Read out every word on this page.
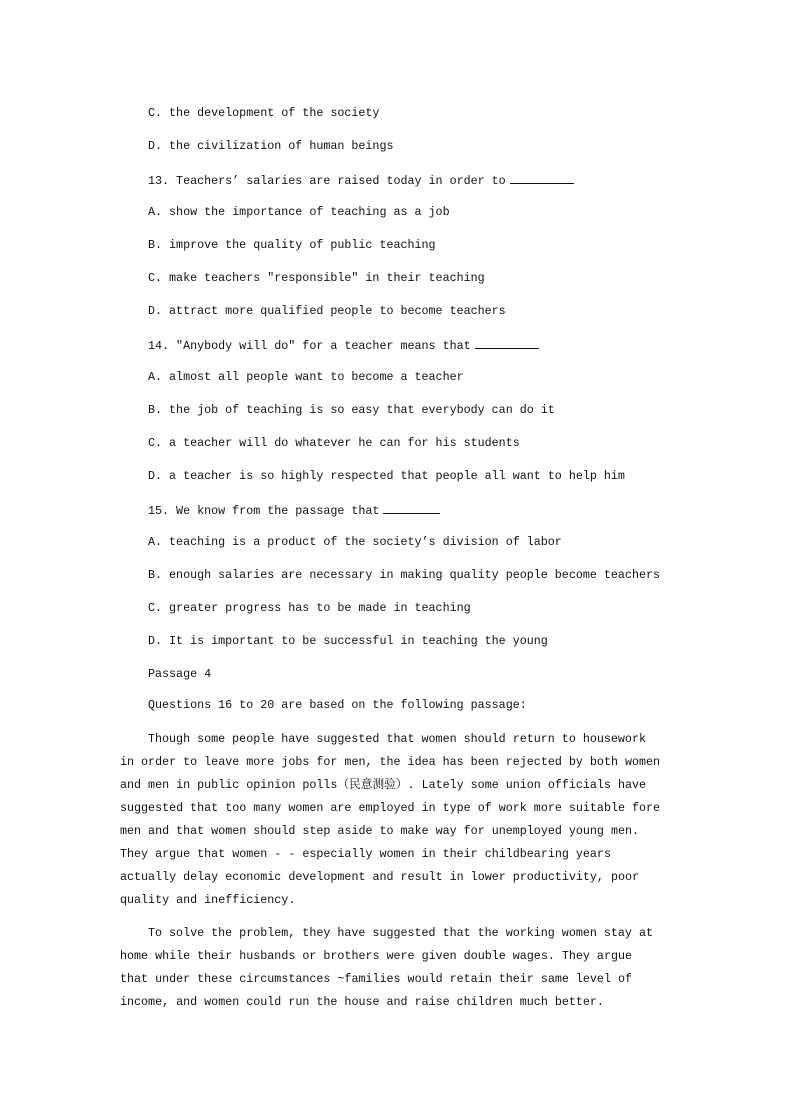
C. the development of the society
D. the civilization of human beings
13. Teachers’ salaries are raised today in order to
A. show the importance of teaching as a job
B. improve the quality of public teaching
C. make teachers ″responsible″ in their teaching
D. attract more qualified people to become teachers
14. ″Anybody will do″ for a teacher means that
A. almost all people want to become a teacher
B. the job of teaching is so easy that everybody can do it
C. a teacher will do whatever he can for his students
D. a teacher is so highly respected that people all want to help him
15. We know from the passage that
A. teaching is a product of the society’s division of labor
B. enough salaries are necessary in making quality people become teachers
C. greater progress has to be made in teaching
D. It is important to be successful in teaching the young
Passage 4
Questions 16 to 20 are based on the following passage:
Though some people have suggested that women should return to housework
in order to leave more jobs for men, the idea has been rejected by both women
and men in public opinion polls（民意测验）. Lately some union officials have
suggested that too many women are employed in type of work more suitable fore
men and that women should step aside to make way for unemployed young men.
They argue that women - - especially women in their childbearing years
actually delay economic development and result in lower productivity, poor
quality and inefficiency.
To solve the problem, they have suggested that the working women stay at
home while their husbands or brothers were given double wages. They argue
that under these circumstances ~families would retain their same level of
income, and women could run the house and raise children much better.
